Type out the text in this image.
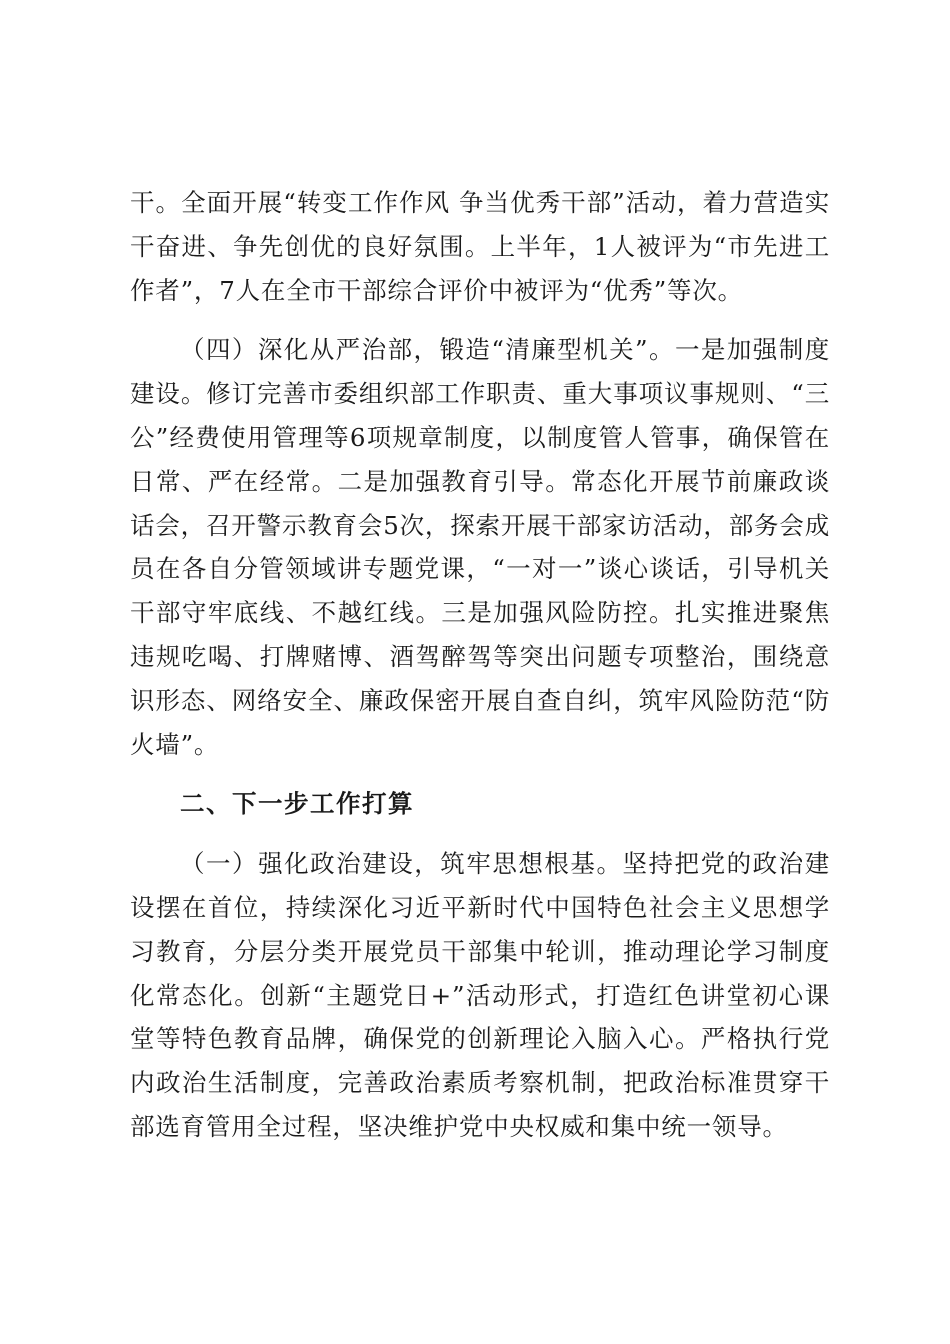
干。全面开展“转变工作作风 争当优秀干部”活动，着力营造实干奋进、争先创优的良好氛围。上半年，1人被评为“市先进工作者”，7人在全市干部综合评价中被评为“优秀”等次。

（四）深化从严治部，锻造“清廉型机关”。一是加强制度建设。修订完善市委组织部工作职责、重大事项议事规则、“三公”经费使用管理等6项规章制度，以制度管人管事，确保管在日常、严在经常。二是加强教育引导。常态化开展节前廉政谈话会，召开警示教育会5次，探索开展干部家访活动，部务会成员在各自分管领域讲专题党课，“一对一”谈心谈话，引导机关干部守牢底线、不越红线。三是加强风险防控。扎实推进聚焦违规吃喝、打牌赌博、酒驾醉驾等突出问题专项整治，围绕意识形态、网络安全、廉政保密开展自查自纠，筑牢风险防范“防火墙”。

二、下一步工作打算

（一）强化政治建设，筑牢思想根基。坚持把党的政治建设摆在首位，持续深化习近平新时代中国特色社会主义思想学习教育，分层分类开展党员干部集中轮训，推动理论学习制度化常态化。创新“主题党日+”活动形式，打造红色讲堂初心课堂等特色教育品牌，确保党的创新理论入脑入心。严格执行党内政治生活制度，完善政治素质考察机制，把政治标准贯穿干部选育管用全过程，坚决维护党中央权威和集中统一领导。
